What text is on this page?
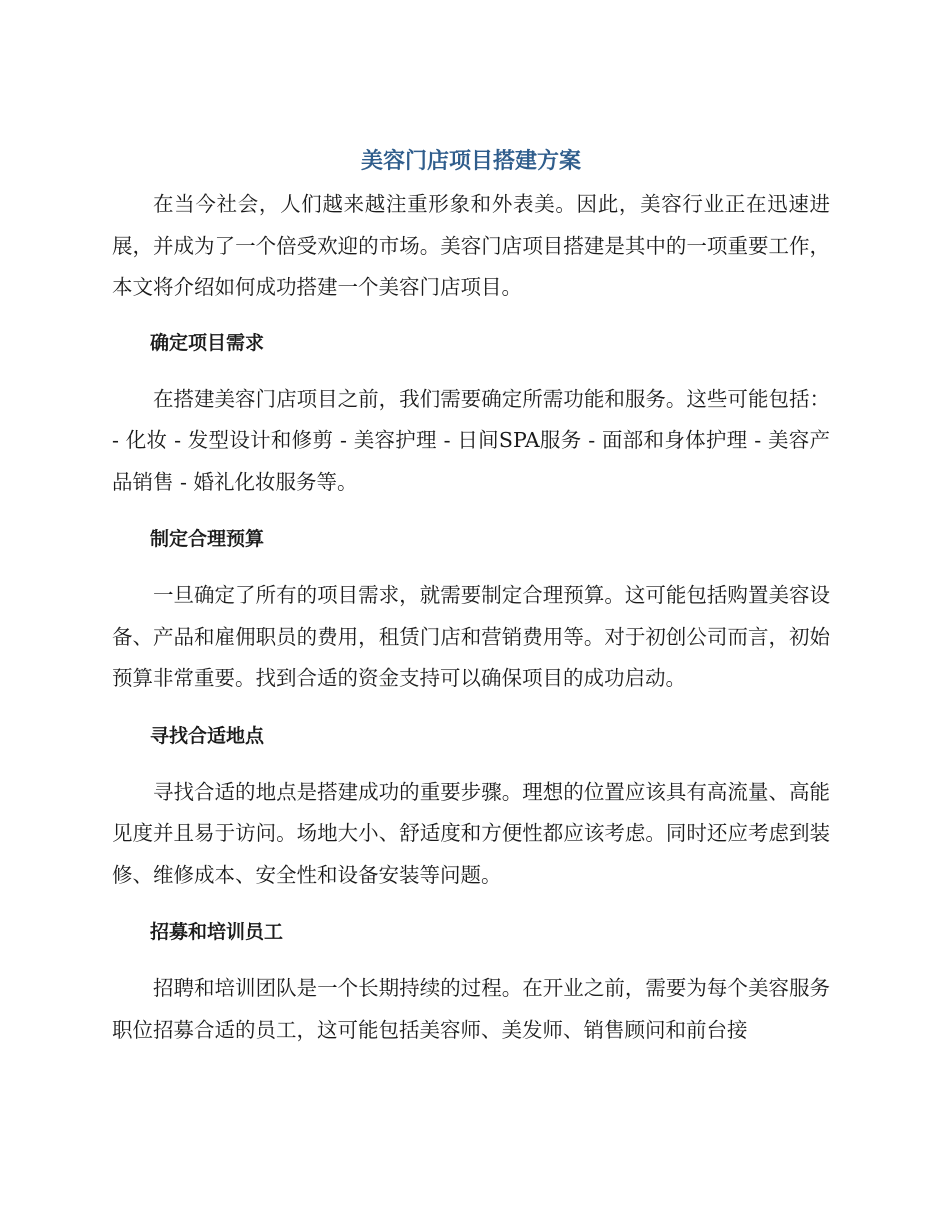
美容门店项目搭建方案

在当今社会，人们越来越注重形象和外表美。因此，美容行业正在迅速进展，并成为了一个倍受欢迎的市场。美容门店项目搭建是其中的一项重要工作，本文将介绍如何成功搭建一个美容门店项目。

确定项目需求

在搭建美容门店项目之前，我们需要确定所需功能和服务。这些可能包括： - 化妆 - 发型设计和修剪 - 美容护理 - 日间SPA服务 - 面部和身体护理 - 美容产品销售 - 婚礼化妆服务等。

制定合理预算

一旦确定了所有的项目需求，就需要制定合理预算。这可能包括购置美容设备、产品和雇佣职员的费用，租赁门店和营销费用等。对于初创公司而言，初始预算非常重要。找到合适的资金支持可以确保项目的成功启动。

寻找合适地点

寻找合适的地点是搭建成功的重要步骤。理想的位置应该具有高流量、高能见度并且易于访问。场地大小、舒适度和方便性都应该考虑。同时还应考虑到装修、维修成本、安全性和设备安装等问题。

招募和培训员工

招聘和培训团队是一个长期持续的过程。在开业之前，需要为每个美容服务职位招募合适的员工，这可能包括美容师、美发师、销售顾问和前台接
